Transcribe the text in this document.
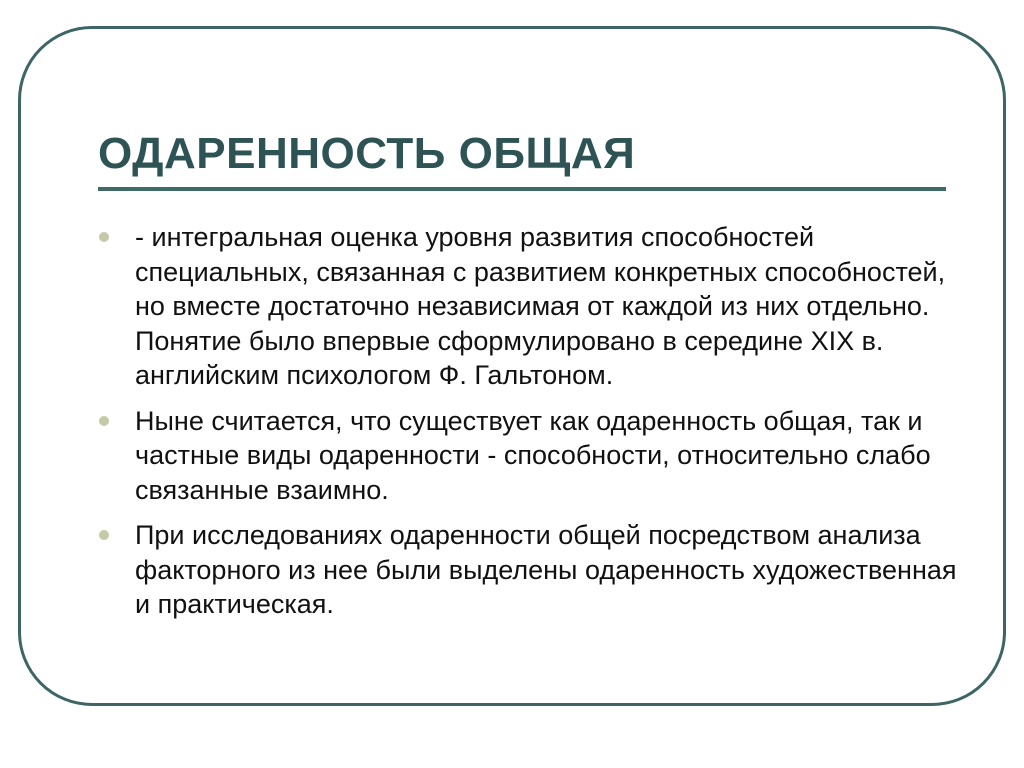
ОДАРЕННОСТЬ ОБЩАЯ
- интегральная оценка уровня развития способностей специальных, связанная с развитием конкретных способностей, но вместе достаточно независимая от каждой из них отдельно. Понятие было впервые сформулировано в середине XIX в. английским психологом Ф. Гальтоном.
Ныне считается, что существует как одаренность общая, так и частные виды одаренности - способности, относительно слабо связанные взаимно.
При исследованиях одаренности общей посредством анализа факторного из нее были выделены одаренность художественная и практическая.
